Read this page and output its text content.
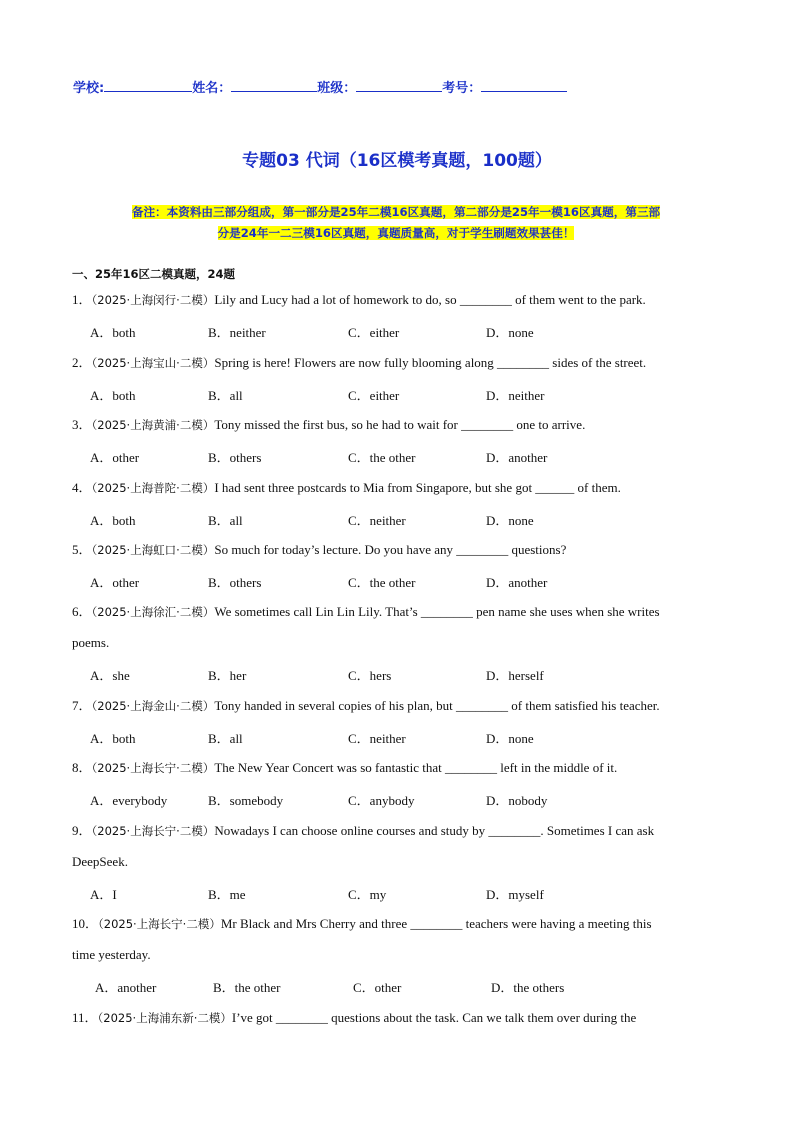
学校:	姓名：	班级：	考号：
专题03 代词（16区模考真题，100题）
备注：本资料由三部分组成，第一部分是25年二模16区真题，第二部分是25年一模16区真题，第三部
分是24年一二三模16区真题，真题质量高，对于学生刷题效果甚佳！
一、25年16区二模真题，24题
1．（2025·上海闵行·二模）Lily and Lucy had a lot of homework to do, so ________ of them went to the park.
A．both	B．neither	C．either	D．none
2．（2025·上海宝山·二模）Spring is here! Flowers are now fully blooming along ________ sides of the street.
A．both	B．all	C．either	D．neither
3．（2025·上海黄浦·二模）Tony missed the first bus, so he had to wait for ________ one to arrive.
A．other	B．others	C．the other	D．another
4．（2025·上海普陀·二模）I had sent three postcards to Mia from Singapore, but she got ______ of them.
A．both	B．all	C．neither	D．none
5．（2025·上海虹口·二模）So much for today’s lecture. Do you have any ________ questions?
A．other	B．others	C．the other	D．another
6．（2025·上海徐汇·二模）We sometimes call Lin Lin Lily. That’s ________ pen name she uses when she writes
poems.
A．she	B．her	C．hers	D．herself
7．（2025·上海金山·二模）Tony handed in several copies of his plan, but ________ of them satisfied his teacher.
A．both	B．all	C．neither	D．none
8．（2025·上海长宁·二模）The New Year Concert was so fantastic that ________ left in the middle of it.
A．everybody	B．somebody	C．anybody	D．nobody
9．（2025·上海长宁·二模）Nowadays I can choose online courses and study by ________. Sometimes I can ask
DeepSeek.
A．I	B．me	C．my	D．myself
10．（2025·上海长宁·二模）Mr Black and Mrs Cherry and three ________ teachers were having a meeting this
time yesterday.
A．another	B．the other	C．other	D．the others
11．（2025·上海浦东新·二模）I’ve got ________ questions about the task. Can we talk them over during the
